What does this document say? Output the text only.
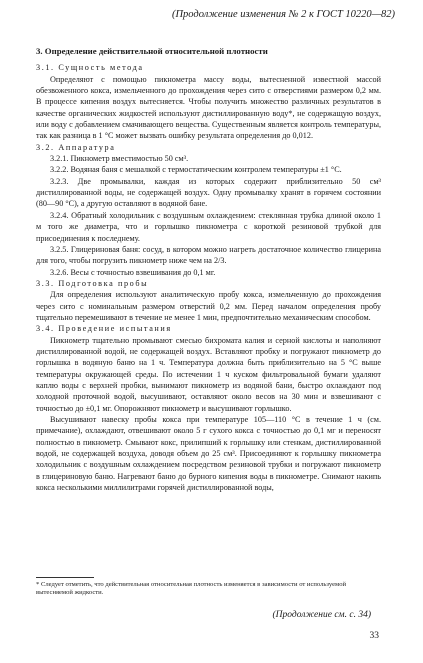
(Продолжение изменения № 2 к ГОСТ 10220—82)

3. Определение действительной относительной плотности

3.1. Сущность метода

Определяют с помощью пикнометра массу воды, вытесненной известной массой обезвоженного кокса, измельченного до прохождения через сито с отверстиями размером 0,2 мм. В процессе кипения воздух вытесняется. Чтобы получить множество различных результатов в качестве органических жидкостей используют дистиллированную воду*, не содержащую воздух, или воду с добавлением смачивающего вещества. Существенным является контроль температуры, так как разница в 1 °С может вызвать ошибку результата определения до 0,012.

3.2. Аппаратура

3.2.1. Пикнометр вместимостью 50 см³.

3.2.2. Водяная баня с мешалкой с термостатическим контролем температуры ±1 °С.

3.2.3. Две промывалки, каждая из которых содержит приблизительно 50 см³ дистиллированной воды, не содержащей воздух. Одну промывалку хранят в горячем состоянии (80—90 °С), а другую оставляют в водяной бане.

3.2.4. Обратный холодильник с воздушным охлаждением: стеклянная трубка длиной около 1 м того же диаметра, что и горлышко пикнометра с короткой резиновой трубкой для присоединения к последнему.

3.2.5. Глицериновая баня: сосуд, в котором можно нагреть достаточное количество глицерина для того, чтобы погрузить пикнометр ниже чем на 2/3.

3.2.6. Весы с точностью взвешивания до 0,1 мг.

3.3. Подготовка пробы

Для определения используют аналитическую пробу кокса, измельченную до прохождения через сито с номинальным размером отверстий 0,2 мм. Перед началом определения пробу тщательно перемешивают в течение не менее 1 мин, предпочтительно механическим способом.

3.4. Проведение испытания

Пикнометр тщательно промывают смесью бихромата калия и серной кислоты и наполняют дистиллированной водой, не содержащей воздух. Вставляют пробку и погружают пикнометр до горлышка в водяную баню на 1 ч. Температура должна быть приблизительно на 5 °С выше температуры окружающей среды. По истечении 1 ч куском фильтровальной бумаги удаляют каплю воды с верхней пробки, вынимают пикнометр из водяной бани, быстро охлаждают под холодной проточной водой, высушивают, оставляют около весов на 30 мин и взвешивают с точностью до ±0,1 мг. Опорожняют пикнометр и высушивают горлышко.

Высушивают навеску пробы кокса при температуре 105—110 °С в течение 1 ч (см. примечание), охлаждают, отвешивают около 5 г сухого кокса с точностью до 0,1 мг и переносят полностью в пикнометр. Смывают кокс, прилипший к горлышку или стенкам, дистиллированной водой, не содержащей воздуха, доводя объем до 25 см³. Присоединяют к горлышку пикнометра холодильник с воздушным охлаждением посредством резиновой трубки и погружают пикнометр в глицериновую баню. Нагревают баню до бурного кипения воды в пикнометре. Снимают накипь кокса несколькими миллилитрами горячей дистиллированной воды,

* Следует отметить, что действительная относительная плотность изменяется в зависимости от используемой вытесняемой жидкости.
(Продолжение см. с. 34)
33
